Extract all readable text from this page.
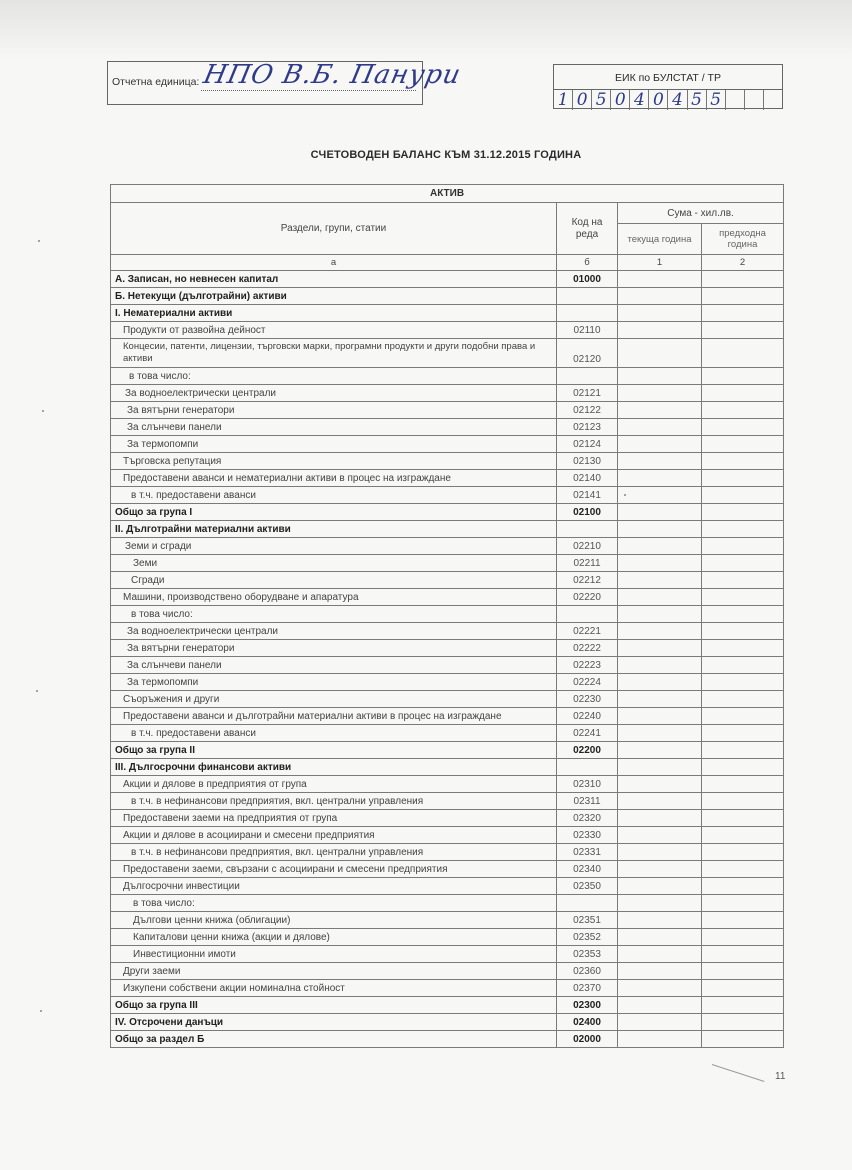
Отчетна единица: НПО В.Б. Панури	ЕИК по БУЛСТАТ / ТР
1 0 5 0 4 0 4 5 5
СЧЕТОВОДЕН БАЛАНС КЪМ 31.12.2015 ГОДИНА
АКТИВ			
Раздели, групи, статии	Код на реда	Сума - хил.лв.	
		текуща година	предходна година
а	б	1	2
А. Записан, но невнесен капитал	01000		
Б. Нетекущи (дълготрайни) активи			
I. Нематериални активи			
Продукти от развойна дейност	02110		
Концесии, патенти, лицензии, търговски марки, програмни продукти и други подобни права и активи	02120		
в това число:			
За водноелектрически централи	02121		
За вятърни генератори	02122		
За слънчеви панели	02123		
За термопомпи	02124		
Търговска репутация	02130		
Предоставени аванси и нематериални активи в процес на изграждане	02140		
в т.ч. предоставени аванси	02141		
Общо за група I	02100		
II. Дълготрайни материални активи			
Земи и сгради	02210		
Земи	02211		
Сгради	02212		
Машини, производствено оборудване и апаратура	02220		
в това число:			
За водноелектрически централи	02221		
За вятърни генератори	02222		
За слънчеви панели	02223		
За термопомпи	02224		
Съоръжения и други	02230		
Предоставени аванси и дълготрайни материални активи в процес на изграждане	02240		
в т.ч. предоставени аванси	02241		
Общо за група II	02200		
III. Дългосрочни финансови активи			
Акции и дялове в предприятия от група	02310		
в т.ч. в нефинансови предприятия, вкл. централни управления	02311		
Предоставени заеми на предприятия от група	02320		
Акции и дялове в асоциирани и смесени предприятия	02330		
в т.ч. в нефинансови предприятия, вкл. централни управления	02331		
Предоставени заеми, свързани с асоциирани и смесени предприятия	02340		
Дългосрочни инвестиции	02350		
в това число:			
Дългови ценни книжа (облигации)	02351		
Капиталови ценни книжа (акции и дялове)	02352		
Инвестиционни имоти	02353		
Други заеми	02360		
Изкупени собствени акции номинална стойност	02370		
Общо за група III	02300		
IV. Отсрочени данъци	02400		
Общо за раздел Б	02000		
11
